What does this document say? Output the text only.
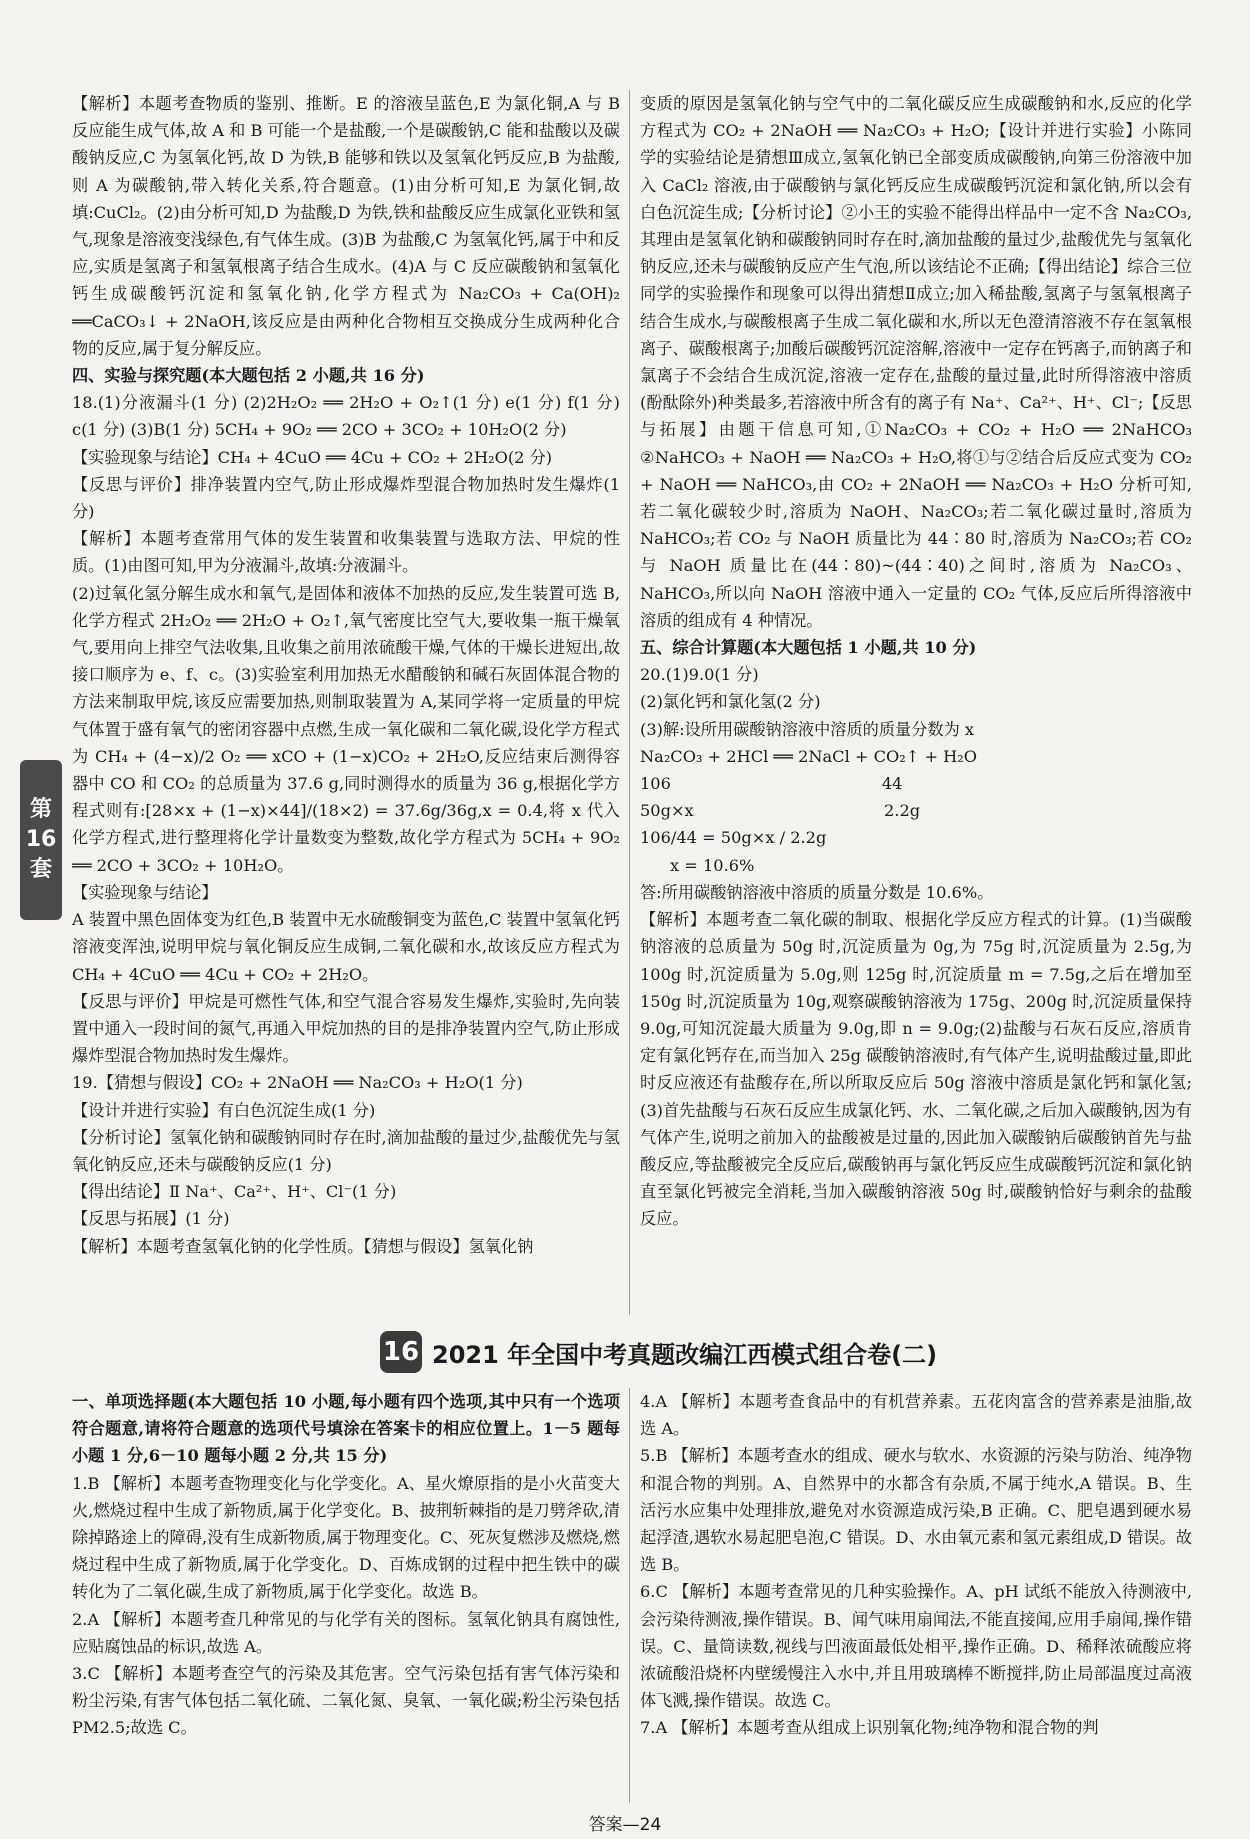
第
16
套

【解析】本题考查物质的鉴别、推断。E 的溶液呈蓝色,E 为氯化铜,A 与 B 反应能生成气体,故 A 和 B 可能一个是盐酸,一个是碳酸钠,C 能和盐酸以及碳酸钠反应,C 为氢氧化钙,故 D 为铁,B 能够和铁以及氢氧化钙反应,B 为盐酸,则 A 为碳酸钠,带入转化关系,符合题意。(1)由分析可知,E 为氯化铜,故填:CuCl₂。(2)由分析可知,D 为盐酸,D 为铁,铁和盐酸反应生成氯化亚铁和氢气,现象是溶液变浅绿色,有气体生成。(3)B 为盐酸,C 为氢氧化钙,属于中和反应,实质是氢离子和氢氧根离子结合生成水。(4)A 与 C 反应碳酸钠和氢氧化钙生成碳酸钙沉淀和氢氧化钠,化学方程式为 Na₂CO₃ + Ca(OH)₂ ══CaCO₃↓ + 2NaOH,该反应是由两种化合物相互交换成分生成两种化合物的反应,属于复分解反应。

四、实验与探究题(本大题包括 2 小题,共 16 分)

18.(1)分液漏斗(1 分) (2)2H₂O₂ ══ 2H₂O + O₂↑(1 分) e(1 分) f(1 分) c(1 分) (3)B(1 分) 5CH₄ + 9O₂ ══ 2CO + 3CO₂ + 10H₂O(2 分)

【实验现象与结论】CH₄ + 4CuO ══ 4Cu + CO₂ + 2H₂O(2 分)

【反思与评价】排净装置内空气,防止形成爆炸型混合物加热时发生爆炸(1 分)

【解析】本题考查常用气体的发生装置和收集装置与选取方法、甲烷的性质。(1)由图可知,甲为分液漏斗,故填:分液漏斗。

(2)过氧化氢分解生成水和氧气,是固体和液体不加热的反应,发生装置可选 B,化学方程式 2H₂O₂ ══ 2H₂O + O₂↑,氧气密度比空气大,要收集一瓶干燥氧气,要用向上排空气法收集,且收集之前用浓硫酸干燥,气体的干燥长进短出,故接口顺序为 e、f、c。(3)实验室利用加热无水醋酸钠和碱石灰固体混合物的方法来制取甲烷,该反应需要加热,则制取装置为 A,某同学将一定质量的甲烷气体置于盛有氧气的密闭容器中点燃,生成一氧化碳和二氧化碳,设化学方程式为 CH₄ + (4−x)/2 O₂ ══ xCO + (1−x)CO₂ + 2H₂O,反应结束后测得容器中 CO 和 CO₂ 的总质量为 37.6 g,同时测得水的质量为 36 g,根据化学方程式则有:[28×x + (1−x)×44]/(18×2) = 37.6g/36g,x = 0.4,将 x 代入化学方程式,进行整理将化学计量数变为整数,故化学方程式为 5CH₄ + 9O₂ ══ 2CO + 3CO₂ + 10H₂O。

【实验现象与结论】

A 装置中黑色固体变为红色,B 装置中无水硫酸铜变为蓝色,C 装置中氢氧化钙溶液变浑浊,说明甲烷与氧化铜反应生成铜,二氧化碳和水,故该反应方程式为 CH₄ + 4CuO ══ 4Cu + CO₂ + 2H₂O。

【反思与评价】甲烷是可燃性气体,和空气混合容易发生爆炸,实验时,先向装置中通入一段时间的氮气,再通入甲烷加热的目的是排净装置内空气,防止形成爆炸型混合物加热时发生爆炸。

19.【猜想与假设】CO₂ + 2NaOH ══ Na₂CO₃ + H₂O(1 分)

【设计并进行实验】有白色沉淀生成(1 分)

【分析讨论】氢氧化钠和碳酸钠同时存在时,滴加盐酸的量过少,盐酸优先与氢氧化钠反应,还未与碳酸钠反应(1 分)

【得出结论】Ⅱ Na⁺、Ca²⁺、H⁺、Cl⁻(1 分)

【反思与拓展】(1 分)

【解析】本题考查氢氧化钠的化学性质。【猜想与假设】氢氧化钠

变质的原因是氢氧化钠与空气中的二氧化碳反应生成碳酸钠和水,反应的化学方程式为 CO₂ + 2NaOH ══ Na₂CO₃ + H₂O;【设计并进行实验】小陈同学的实验结论是猜想Ⅲ成立,氢氧化钠已全部变质成碳酸钠,向第三份溶液中加入 CaCl₂ 溶液,由于碳酸钠与氯化钙反应生成碳酸钙沉淀和氯化钠,所以会有白色沉淀生成;【分析讨论】②小王的实验不能得出样品中一定不含 Na₂CO₃,其理由是氢氧化钠和碳酸钠同时存在时,滴加盐酸的量过少,盐酸优先与氢氧化钠反应,还未与碳酸钠反应产生气泡,所以该结论不正确;【得出结论】综合三位同学的实验操作和现象可以得出猜想Ⅱ成立;加入稀盐酸,氢离子与氢氧根离子结合生成水,与碳酸根离子生成二氧化碳和水,所以无色澄清溶液不存在氢氧根离子、碳酸根离子;加酸后碳酸钙沉淀溶解,溶液中一定存在钙离子,而钠离子和氯离子不会结合生成沉淀,溶液一定存在,盐酸的量过量,此时所得溶液中溶质(酚酞除外)种类最多,若溶液中所含有的离子有 Na⁺、Ca²⁺、H⁺、Cl⁻;【反思与拓展】由题干信息可知,①Na₂CO₃ + CO₂ + H₂O ══ 2NaHCO₃ ②NaHCO₃ + NaOH ══ Na₂CO₃ + H₂O,将①与②结合后反应式变为 CO₂ + NaOH ══ NaHCO₃,由 CO₂ + 2NaOH ══ Na₂CO₃ + H₂O 分析可知,若二氧化碳较少时,溶质为 NaOH、Na₂CO₃;若二氧化碳过量时,溶质为 NaHCO₃;若 CO₂ 与 NaOH 质量比为 44∶80 时,溶质为 Na₂CO₃;若 CO₂ 与 NaOH 质量比在(44∶80)~(44∶40)之间时,溶质为 Na₂CO₃、NaHCO₃,所以向 NaOH 溶液中通入一定量的 CO₂ 气体,反应后所得溶液中溶质的组成有 4 种情况。

五、综合计算题(本大题包括 1 小题,共 10 分)

20.(1)9.0(1 分)

(2)氯化钙和氯化氢(2 分)

(3)解:设所用碳酸钠溶液中溶质的质量分数为 x

Na₂CO₃ + 2HCl ══ 2NaCl + CO₂↑ + H₂O

106                                         44

50g×x                                     2.2g

106/44 = 50g×x / 2.2g

x = 10.6%

答:所用碳酸钠溶液中溶质的质量分数是 10.6%。

【解析】本题考查二氧化碳的制取、根据化学反应方程式的计算。(1)当碳酸钠溶液的总质量为 50g 时,沉淀质量为 0g,为 75g 时,沉淀质量为 2.5g,为 100g 时,沉淀质量为 5.0g,则 125g 时,沉淀质量 m = 7.5g,之后在增加至 150g 时,沉淀质量为 10g,观察碳酸钠溶液为 175g、200g 时,沉淀质量保持 9.0g,可知沉淀最大质量为 9.0g,即 n = 9.0g;(2)盐酸与石灰石反应,溶质肯定有氯化钙存在,而当加入 25g 碳酸钠溶液时,有气体产生,说明盐酸过量,即此时反应液还有盐酸存在,所以所取反应后 50g 溶液中溶质是氯化钙和氯化氢;(3)首先盐酸与石灰石反应生成氯化钙、水、二氧化碳,之后加入碳酸钠,因为有气体产生,说明之前加入的盐酸被是过量的,因此加入碳酸钠后碳酸钠首先与盐酸反应,等盐酸被完全反应后,碳酸钠再与氯化钙反应生成碳酸钙沉淀和氯化钠直至氯化钙被完全消耗,当加入碳酸钠溶液 50g 时,碳酸钠恰好与剩余的盐酸反应。

16 2021 年全国中考真题改编江西模式组合卷(二)

一、单项选择题(本大题包括 10 小题,每小题有四个选项,其中只有一个选项符合题意,请将符合题意的选项代号填涂在答案卡的相应位置上。1－5 题每小题 1 分,6－10 题每小题 2 分,共 15 分)

1.B 【解析】本题考查物理变化与化学变化。A、星火燎原指的是小火苗变大火,燃烧过程中生成了新物质,属于化学变化。B、披荆斩棘指的是刀劈斧砍,清除掉路途上的障碍,没有生成新物质,属于物理变化。C、死灰复燃涉及燃烧,燃烧过程中生成了新物质,属于化学变化。D、百炼成钢的过程中把生铁中的碳转化为了二氧化碳,生成了新物质,属于化学变化。故选 B。

2.A 【解析】本题考查几种常见的与化学有关的图标。氢氧化钠具有腐蚀性,应贴腐蚀品的标识,故选 A。

3.C 【解析】本题考查空气的污染及其危害。空气污染包括有害气体污染和粉尘污染,有害气体包括二氧化硫、二氧化氮、臭氧、一氧化碳;粉尘污染包括 PM2.5;故选 C。

4.A 【解析】本题考查食品中的有机营养素。五花肉富含的营养素是油脂,故选 A。

5.B 【解析】本题考查水的组成、硬水与软水、水资源的污染与防治、纯净物和混合物的判别。A、自然界中的水都含有杂质,不属于纯水,A 错误。B、生活污水应集中处理排放,避免对水资源造成污染,B 正确。C、肥皂遇到硬水易起浮渣,遇软水易起肥皂泡,C 错误。D、水由氧元素和氢元素组成,D 错误。故选 B。

6.C 【解析】本题考查常见的几种实验操作。A、pH 试纸不能放入待测液中,会污染待测液,操作错误。B、闻气味用扇闻法,不能直接闻,应用手扇闻,操作错误。C、量筒读数,视线与凹液面最低处相平,操作正确。D、稀释浓硫酸应将浓硫酸沿烧杯内壁缓慢注入水中,并且用玻璃棒不断搅拌,防止局部温度过高液体飞溅,操作错误。故选 C。

7.A 【解析】本题考查从组成上识别氧化物;纯净物和混合物的判

答案—24
